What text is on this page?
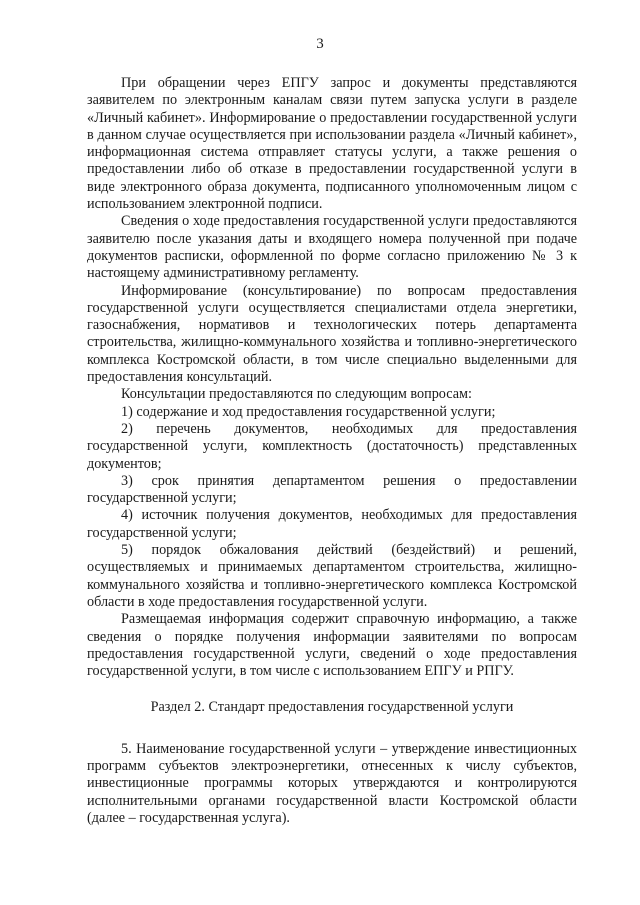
3

При обращении через ЕПГУ запрос и документы представляются заявителем по электронным каналам связи путем запуска услуги в разделе «Личный кабинет». Информирование о предоставлении государственной услуги в данном случае осуществляется при использовании раздела «Личный кабинет», информационная система отправляет статусы услуги, а также решения о предоставлении либо об отказе в предоставлении государственной услуги в виде электронного образа документа, подписанного уполномоченным лицом с использованием электронной подписи.

Сведения о ходе предоставления государственной услуги предоставляются заявителю после указания даты и входящего номера полученной при подаче документов расписки, оформленной по форме согласно приложению № 3 к настоящему административному регламенту.

Информирование (консультирование) по вопросам предоставления государственной услуги осуществляется специалистами отдела энергетики, газоснабжения, нормативов и технологических потерь департамента строительства, жилищно-коммунального хозяйства и топливно-энергетического комплекса Костромской области, в том числе специально выделенными для предоставления консультаций.

Консультации предоставляются по следующим вопросам:

1) содержание и ход предоставления государственной услуги;

2) перечень документов, необходимых для предоставления государственной услуги, комплектность (достаточность) представленных документов;

3) срок принятия департаментом решения о предоставлении государственной услуги;

4) источник получения документов, необходимых для предоставления государственной услуги;

5) порядок обжалования действий (бездействий) и решений, осуществляемых и принимаемых департаментом строительства, жилищно-коммунального хозяйства и топливно-энергетического комплекса Костромской области в ходе предоставления государственной услуги.

Размещаемая информация содержит справочную информацию, а также сведения о порядке получения информации заявителями по вопросам предоставления государственной услуги, сведений о ходе предоставления государственной услуги, в том числе с использованием ЕПГУ и РПГУ.

Раздел 2. Стандарт предоставления государственной услуги

5. Наименование государственной услуги – утверждение инвестиционных программ субъектов электроэнергетики, отнесенных к числу субъектов, инвестиционные программы которых утверждаются и контролируются исполнительными органами государственной власти Костромской области (далее – государственная услуга).
